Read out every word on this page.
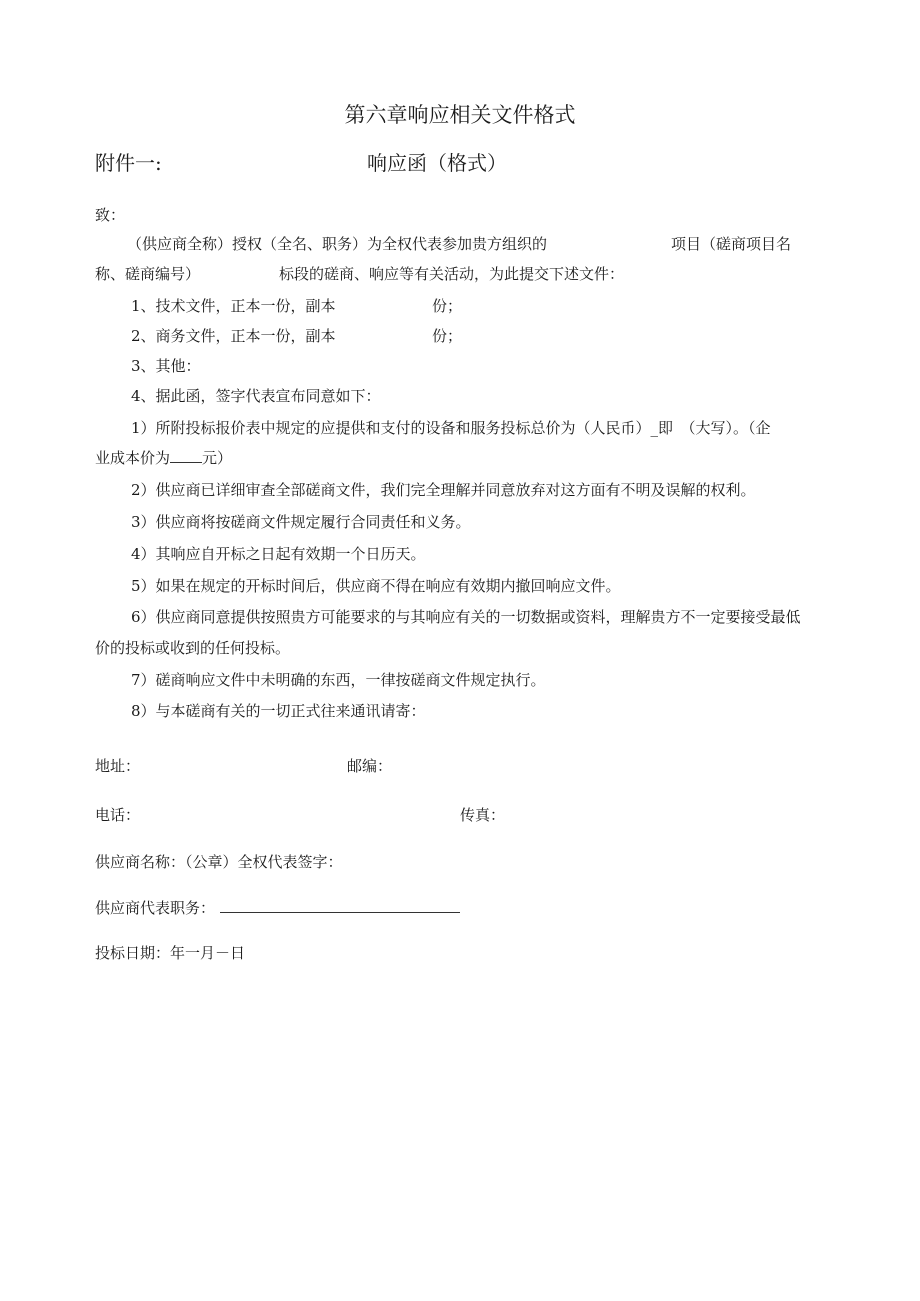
第六章响应相关文件格式
附件一:	响应函（格式）
致：
（供应商全称）授权（全名、职务）为全权代表参加贵方组织的	项目（磋商项目名
称、磋商编号）	标段的磋商、响应等有关活动，为此提交下述文件：
1、技术文件，正本一份，副本	份；
2、商务文件，正本一份，副本	份；
3、其他：
4、据此函，签字代表宣布同意如下：
1）所附投标报价表中规定的应提供和支付的设备和服务投标总价为（人民币）_即　（大写）。（企
业成本价为 元）
2）供应商已详细审查全部磋商文件，我们完全理解并同意放弃对这方面有不明及误解的权利。
3）供应商将按磋商文件规定履行合同责任和义务。
4）其响应自开标之日起有效期一个日历天。
5）如果在规定的开标时间后，供应商不得在响应有效期内撤回响应文件。
6）供应商同意提供按照贵方可能要求的与其响应有关的一切数据或资料，理解贵方不一定要接受最低
价的投标或收到的任何投标。
7）磋商响应文件中未明确的东西，一律按磋商文件规定执行。
8）与本磋商有关的一切正式往来通讯请寄：
地址：	邮编：
电话：	传真：
供应商名称：（公章）全权代表签字：
供应商代表职务：
投标日期：年一月－日
